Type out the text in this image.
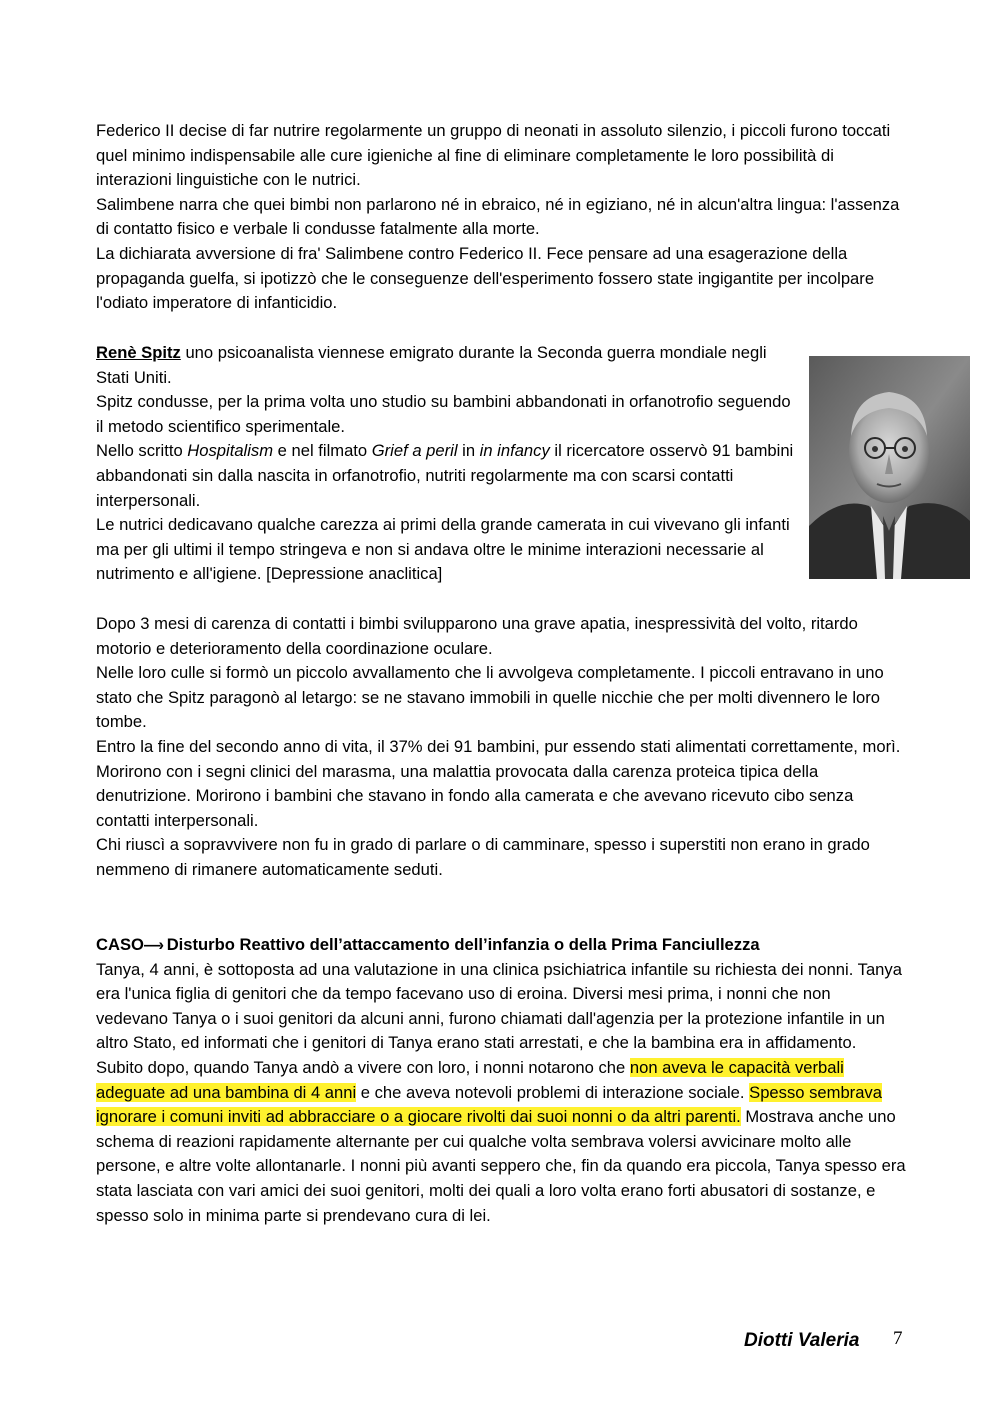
Federico II decise di far nutrire regolarmente un gruppo di neonati in assoluto silenzio, i piccoli furono toccati quel minimo indispensabile alle cure igieniche al fine di eliminare completamente le loro possibilità di interazioni linguistiche con le nutrici.

Salimbene narra che quei bimbi non parlarono né in ebraico, né in egiziano, né in alcun'altra lingua: l'assenza di contatto fisico e verbale li condusse fatalmente alla morte.

La dichiarata avversione di fra' Salimbene contro Federico II. Fece pensare ad una esagerazione della propaganda guelfa, si ipotizzò che le conseguenze dell'esperimento fossero state ingigantite per incolpare l'odiato imperatore di infanticidio.

Renè Spitz uno psicoanalista viennese emigrato durante la Seconda guerra mondiale negli Stati Uniti.

Spitz condusse, per la prima volta uno studio su bambini abbandonati in orfanotrofio seguendo il metodo scientifico sperimentale.

Nello scritto Hospitalism e nel filmato Grief a peril in in infancy il ricercatore osservò 91 bambini abbandonati sin dalla nascita in orfanotrofio, nutriti regolarmente ma con scarsi contatti interpersonali.

Le nutrici dedicavano qualche carezza ai primi della grande camerata in cui vivevano gli infanti ma per gli ultimi il tempo stringeva e non si andava oltre le minime interazioni necessarie al nutrimento e all'igiene. [Depressione anaclitica]

Dopo 3 mesi di carenza di contatti i bimbi svilupparono una grave apatia, inespressività del volto, ritardo motorio e deterioramento della coordinazione oculare.

Nelle loro culle si formò un piccolo avvallamento che li avvolgeva completamente. I piccoli entravano in uno stato che Spitz paragonò al letargo: se ne stavano immobili in quelle nicchie che per molti divennero le loro tombe.

Entro la fine del secondo anno di vita, il 37% dei 91 bambini, pur essendo stati alimentati correttamente, morì.

Morirono con i segni clinici del marasma, una malattia provocata dalla carenza proteica tipica della denutrizione. Morirono i bambini che stavano in fondo alla camerata e che avevano ricevuto cibo senza contatti interpersonali.

Chi riuscì a sopravvivere non fu in grado di parlare o di camminare, spesso i superstiti non erano in grado nemmeno di rimanere automaticamente seduti.

CASO—› Disturbo Reattivo dell’attaccamento dell’infanzia o della Prima Fanciullezza

Tanya, 4 anni, è sottoposta ad una valutazione in una clinica psichiatrica infantile su richiesta dei nonni. Tanya era l'unica figlia di genitori che da tempo facevano uso di eroina. Diversi mesi prima, i nonni che non vedevano Tanya o i suoi genitori da alcuni anni, furono chiamati dall'agenzia per la protezione infantile in un altro Stato, ed informati che i genitori di Tanya erano stati arrestati, e che la bambina era in affidamento.

Subito dopo, quando Tanya andò a vivere con loro, i nonni notarono che non aveva le capacità verbali adeguate ad una bambina di 4 anni e che aveva notevoli problemi di interazione sociale. Spesso sembrava ignorare i comuni inviti ad abbracciare o a giocare rivolti dai suoi nonni o da altri parenti. Mostrava anche uno schema di reazioni rapidamente alternante per cui qualche volta sembrava volersi avvicinare molto alle persone, e altre volte allontanarle. I nonni più avanti seppero che, fin da quando era piccola, Tanya spesso era stata lasciata con vari amici dei suoi genitori, molti dei quali a loro volta erano forti abusatori di sostanze, e spesso solo in minima parte si prendevano cura di lei.

Diotti Valeria 7
